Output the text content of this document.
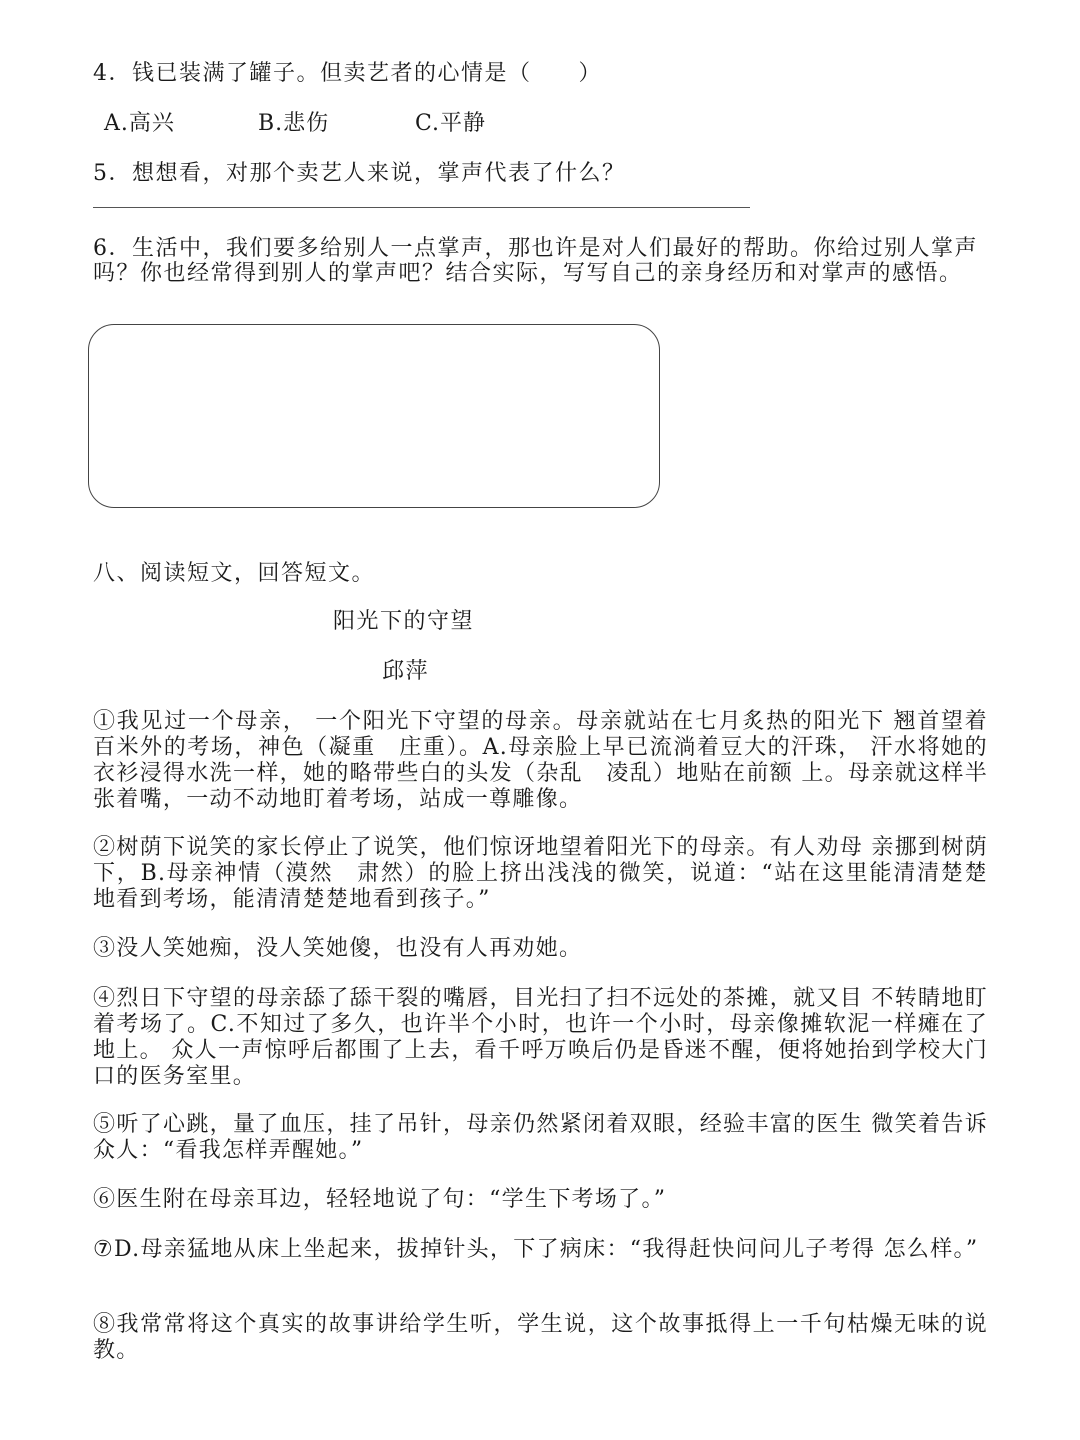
4．钱已装满了罐子。但卖艺者的心情是（　　）
A.高兴	B.悲伤	C.平静
5．想想看，对那个卖艺人来说，掌声代表了什么？
6．生活中，我们要多给别人一点掌声，那也许是对人们最好的帮助。你给过别人掌声
吗？你也经常得到别人的掌声吧？结合实际，写写自己的亲身经历和对掌声的感悟。
八、阅读短文，回答短文。
阳光下的守望
邱萍
①我见过一个母亲， 一个阳光下守望的母亲。母亲就站在七月炙热的阳光下 翘首望着百米外的考场，神色（凝重　庄重）。A.母亲脸上早已流淌着豆大的汗珠， 汗水将她的衣衫浸得水洗一样，她的略带些白的头发（杂乱　凌乱）地贴在前额 上。母亲就这样半张着嘴，一动不动地盯着考场，站成一尊雕像。
②树荫下说笑的家长停止了说笑，他们惊讶地望着阳光下的母亲。有人劝母 亲挪到树荫下，B.母亲神情（漠然　肃然）的脸上挤出浅浅的微笑，说道：“站在这里能清清楚楚地看到考场，能清清楚楚地看到孩子。”
③没人笑她痴，没人笑她傻，也没有人再劝她。
④烈日下守望的母亲舔了舔干裂的嘴唇，目光扫了扫不远处的茶摊，就又目 不转睛地盯着考场了。C.不知过了多久，也许半个小时，也许一个小时，母亲像摊软泥一样瘫在了地上。 众人一声惊呼后都围了上去，看千呼万唤后仍是昏迷不醒，便将她抬到学校大门口的医务室里。
⑤听了心跳，量了血压，挂了吊针，母亲仍然紧闭着双眼，经验丰富的医生 微笑着告诉众人：“看我怎样弄醒她。”
⑥医生附在母亲耳边，轻轻地说了句：“学生下考场了。”
⑦D.母亲猛地从床上坐起来，拔掉针头，下了病床：“我得赶快问问儿子考得 怎么样。”
⑧我常常将这个真实的故事讲给学生听，学生说，这个故事抵得上一千句枯燥无味的说教。
